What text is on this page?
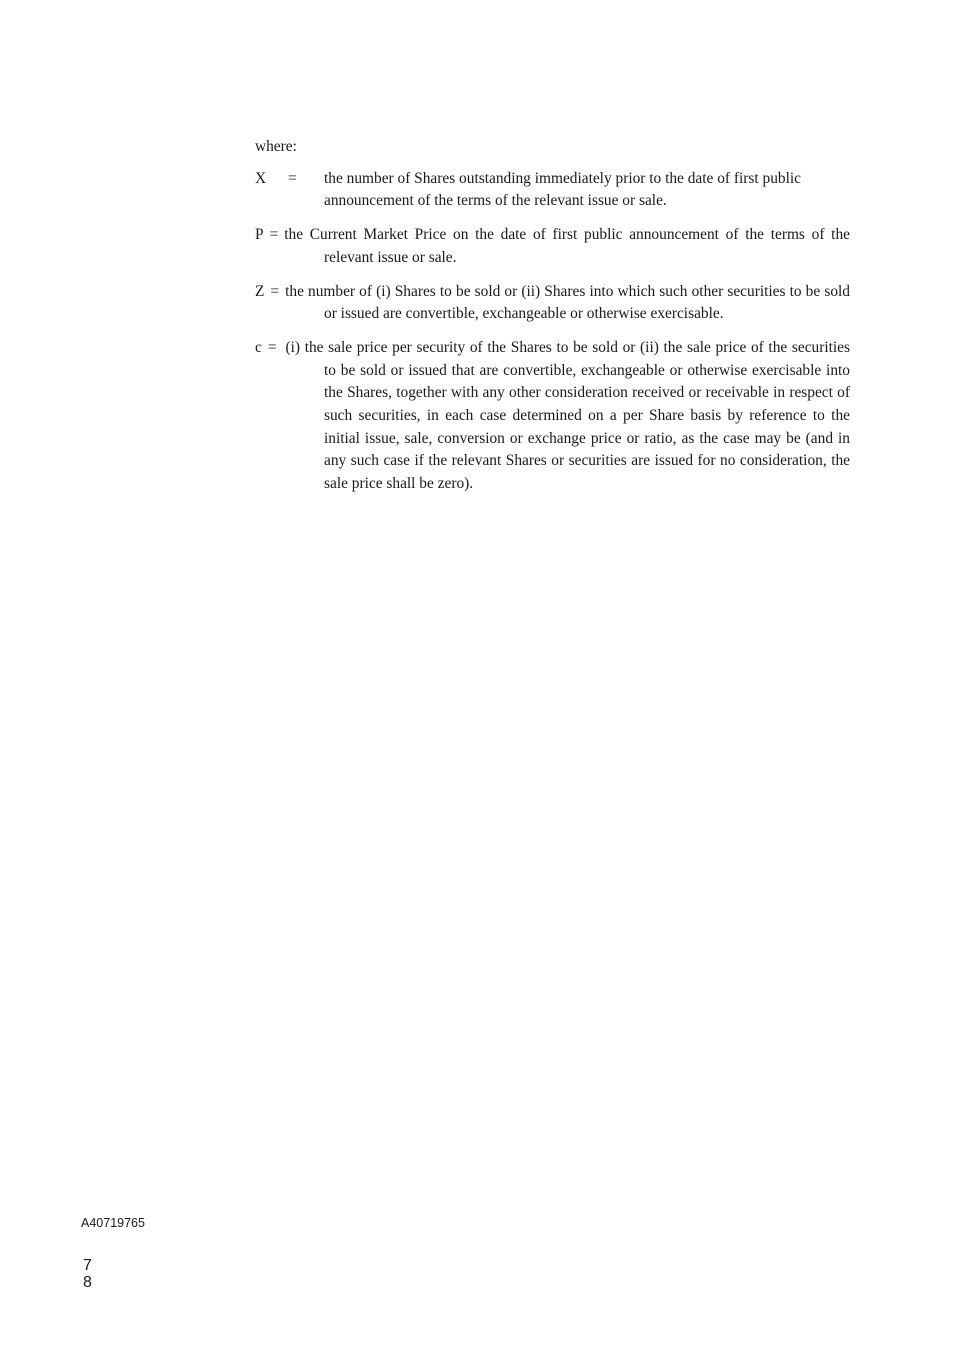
where:

X = the number of Shares outstanding immediately prior to the date of first public announcement of the terms of the relevant issue or sale.
P = the Current Market Price on the date of first public announcement of the terms of the relevant issue or sale.
Z = the number of (i) Shares to be sold or (ii) Shares into which such other securities to be sold or issued are convertible, exchangeable or otherwise exercisable.
c = (i) the sale price per security of the Shares to be sold or (ii) the sale price of the securities to be sold or issued that are convertible, exchangeable or otherwise exercisable into the Shares, together with any other consideration received or receivable in respect of such securities, in each case determined on a per Share basis by reference to the initial issue, sale, conversion or exchange price or ratio, as the case may be (and in any such case if the relevant Shares or securities are issued for no consideration, the sale price shall be zero).
A40719765
7
8
